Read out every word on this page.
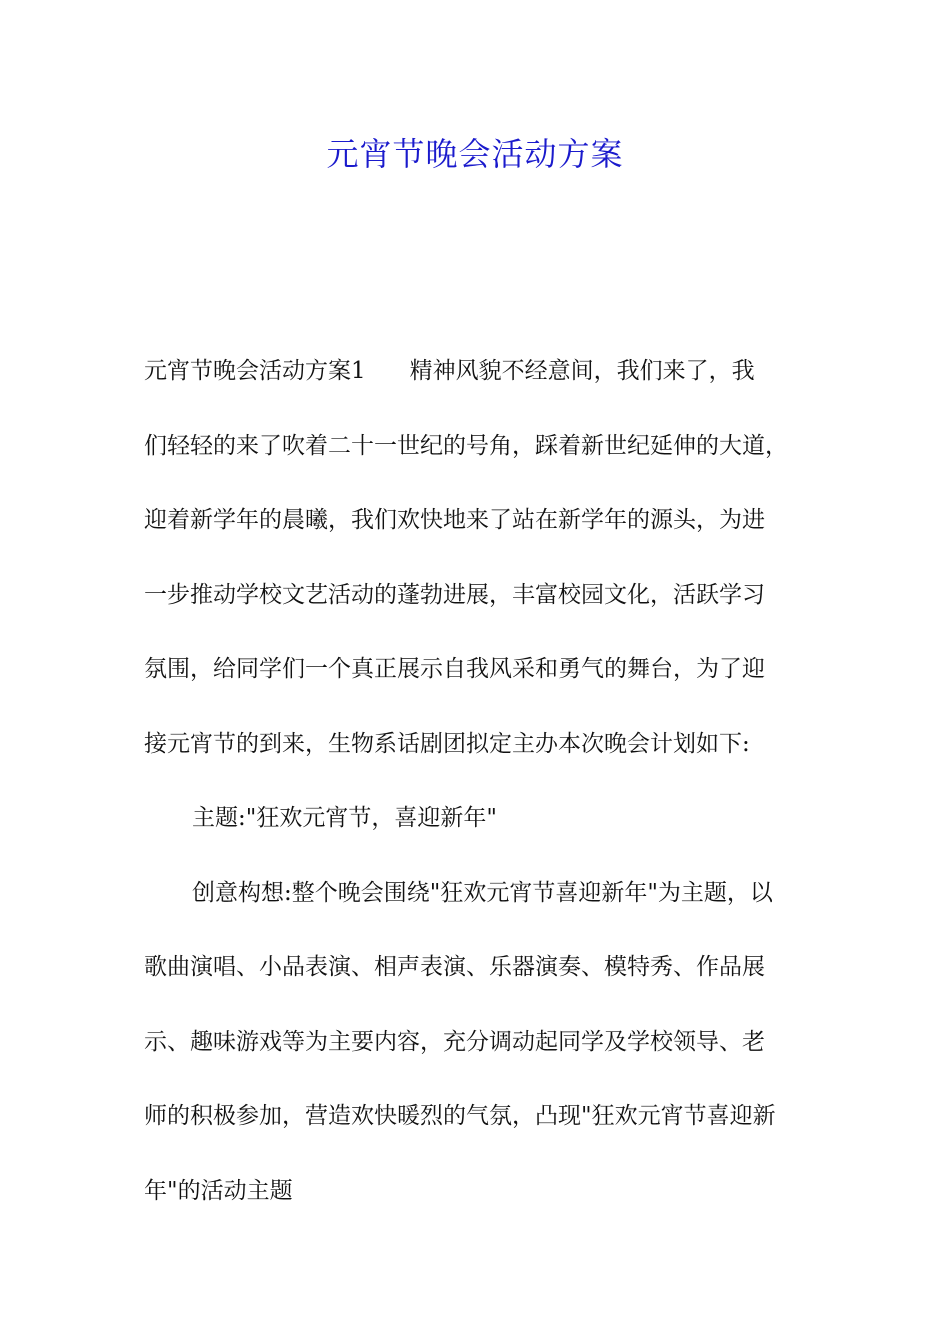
元宵节晚会活动方案
元宵节晚会活动方案1 精神风貌不经意间，我们来了，我
们轻轻的来了吹着二十一世纪的号角，踩着新世纪延伸的大道，
迎着新学年的晨曦，我们欢快地来了站在新学年的源头，为进
一步推动学校文艺活动的蓬勃进展，丰富校园文化，活跃学习
氛围，给同学们一个真正展示自我风采和勇气的舞台，为了迎
接元宵节的到来，生物系话剧团拟定主办本次晚会计划如下:
主题:"狂欢元宵节，喜迎新年"
创意构想:整个晚会围绕"狂欢元宵节喜迎新年"为主题，以
歌曲演唱、小品表演、相声表演、乐器演奏、模特秀、作品展
示、趣味游戏等为主要内容，充分调动起同学及学校领导、老
师的积极参加，营造欢快暖烈的气氛，凸现"狂欢元宵节喜迎新
年"的活动主题
